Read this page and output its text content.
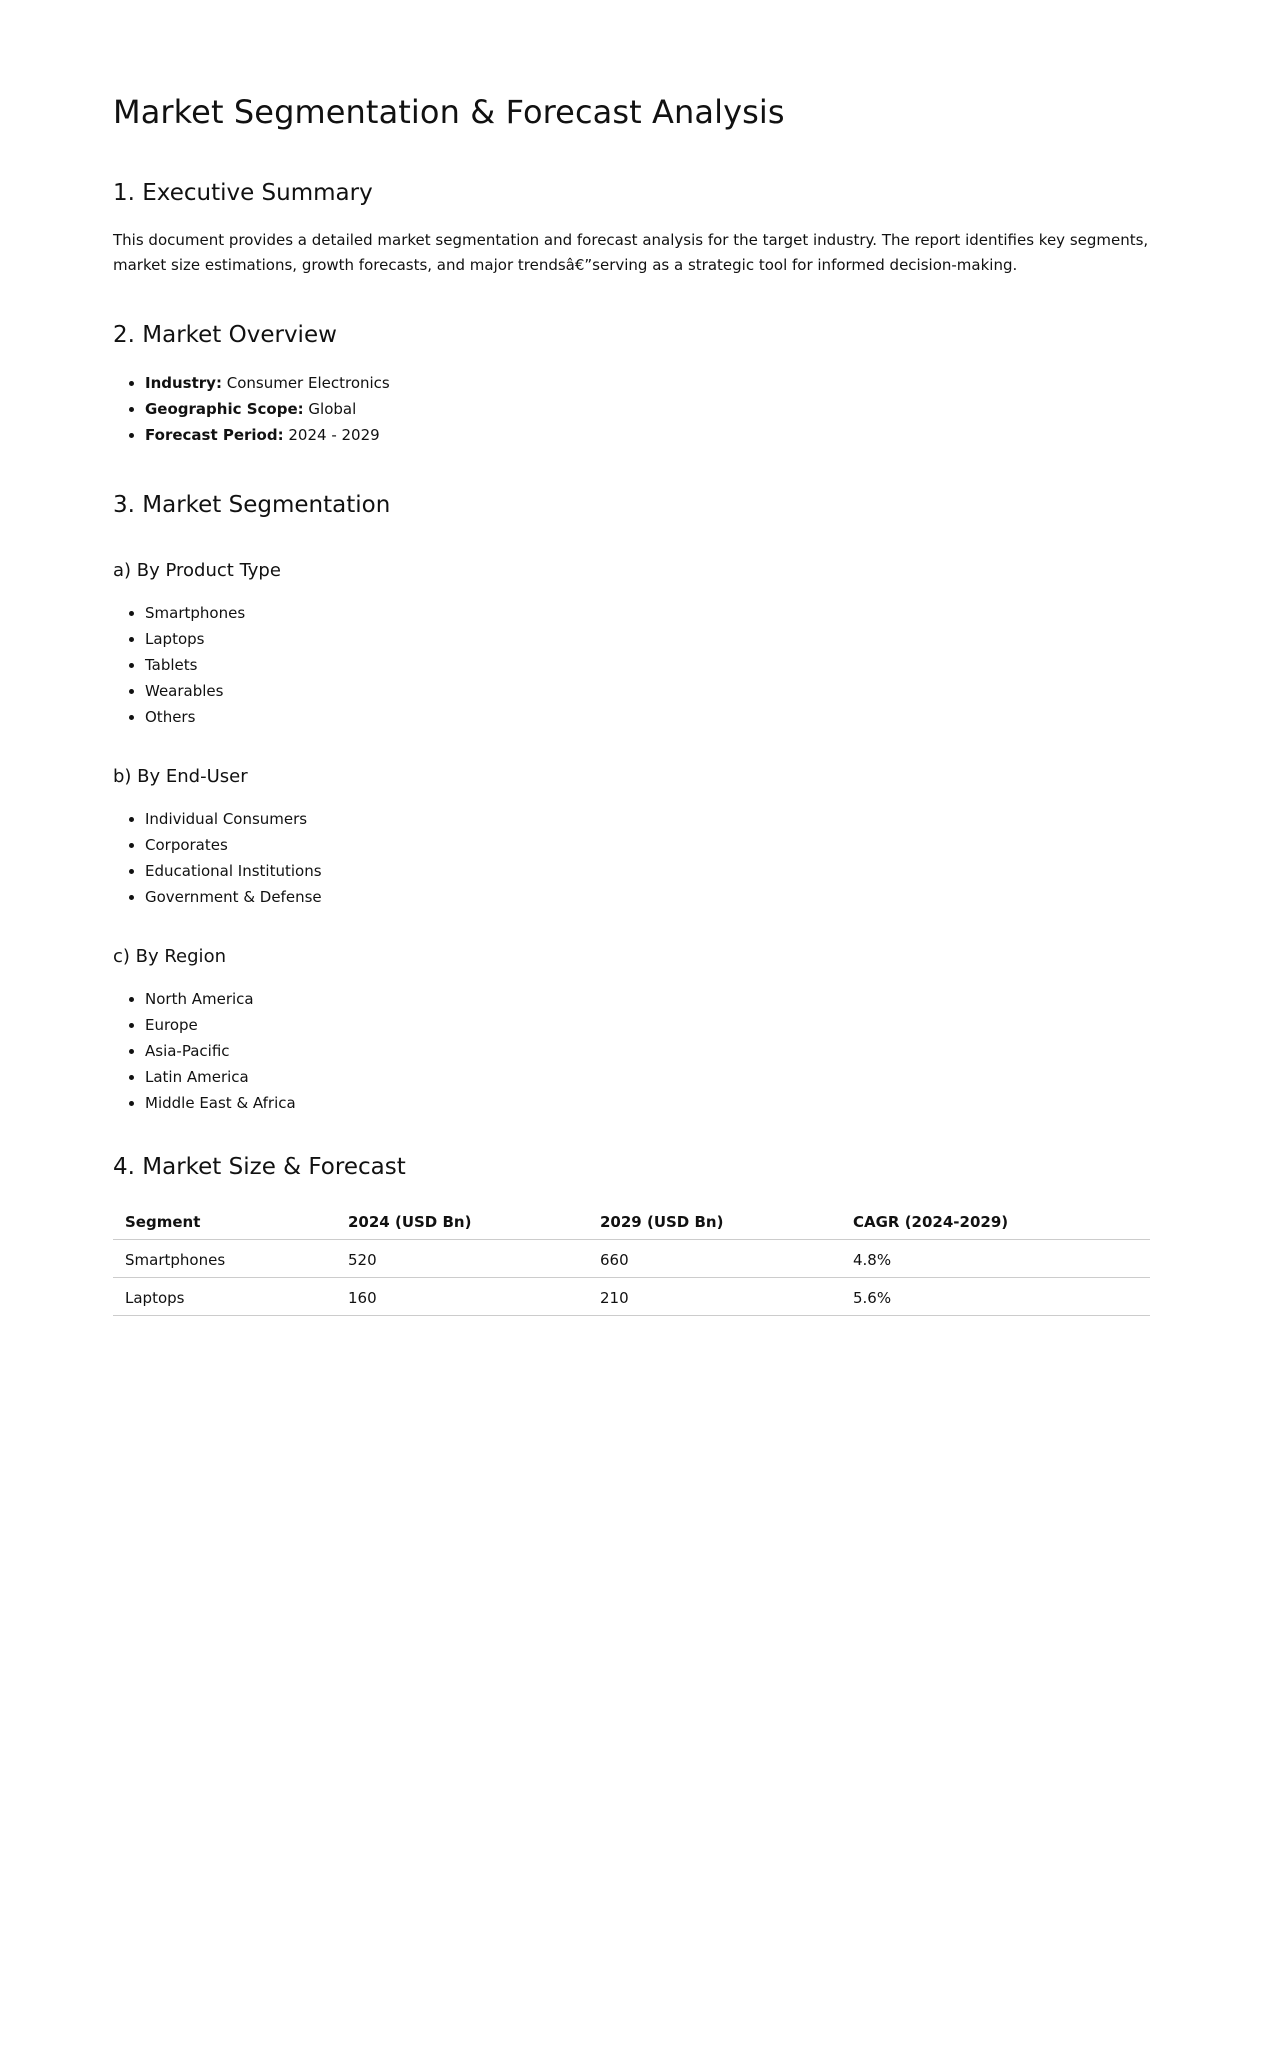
Market Segmentation & Forecast Analysis
1. Executive Summary

This document provides a detailed market segmentation and forecast analysis for the target industry. The report identifies key segments, market size estimations, growth forecasts, and major trendsâ€”serving as a strategic tool for informed decision-making.

2. Market Overview
• Industry: Consumer Electronics
• Geographic Scope: Global
• Forecast Period: 2024 - 2029
3. Market Segmentation
a) By Product Type
• Smartphones
• Laptops
• Tablets
• Wearables
• Others
b) By End-User
• Individual Consumers
• Corporates
• Educational Institutions
• Government & Defense
c) By Region
• North America
• Europe
• Asia-Pacific
• Latin America
• Middle East & Africa
4. Market Size & Forecast
Segment	2024 (USD Bn)	2029 (USD Bn)	CAGR (2024-2029)
Smartphones	520	660	4.8%
Laptops	160	210	5.6%
